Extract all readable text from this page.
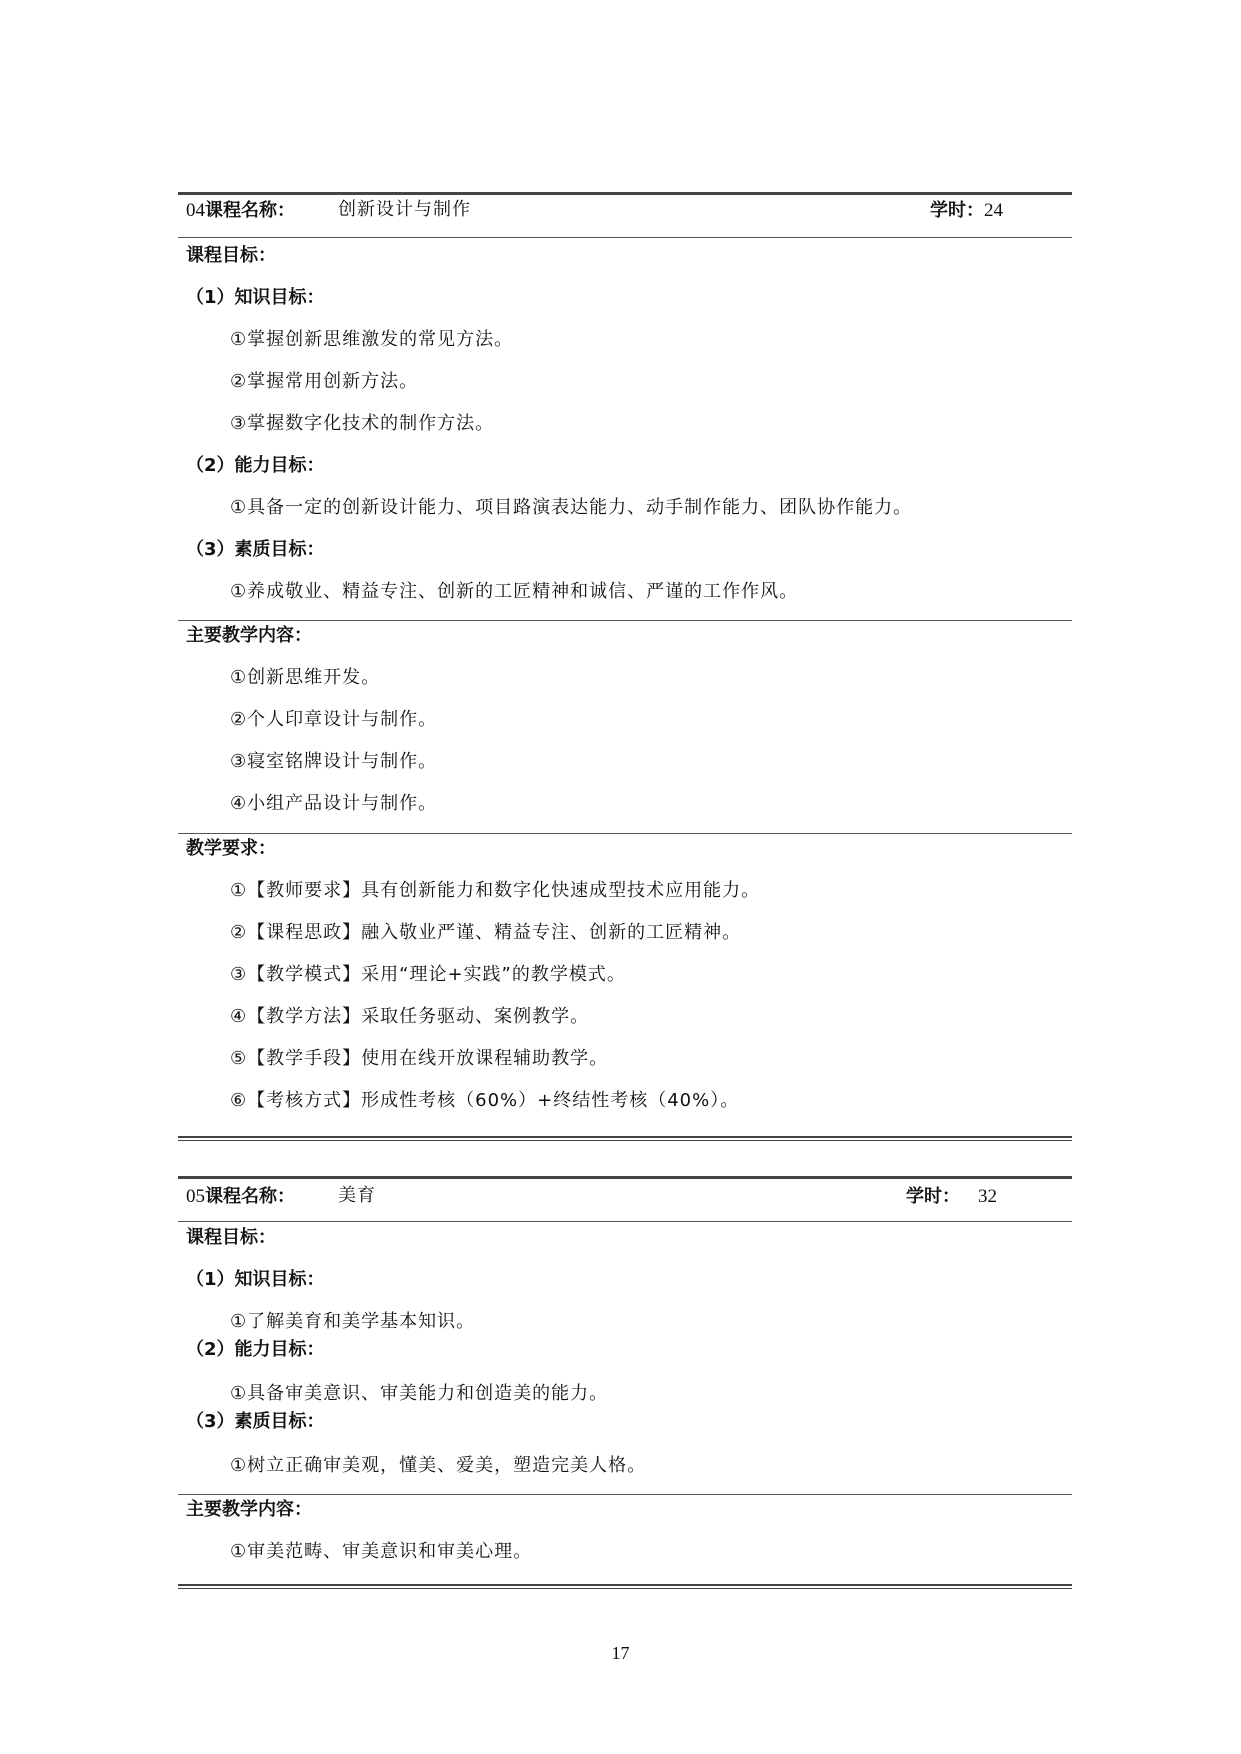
04课程名称： 创新设计与制作	学时：24
课程目标：
（1）知识目标：
①掌握创新思维激发的常见方法。
②掌握常用创新方法。
③掌握数字化技术的制作方法。
（2）能力目标：
①具备一定的创新设计能力、项目路演表达能力、动手制作能力、团队协作能力。
（3）素质目标：
①养成敬业、精益专注、创新的工匠精神和诚信、严谨的工作作风。
主要教学内容：
①创新思维开发。
②个人印章设计与制作。
③寝室铭牌设计与制作。
④小组产品设计与制作。
教学要求：
①【教师要求】具有创新能力和数字化快速成型技术应用能力。
②【课程思政】融入敬业严谨、精益专注、创新的工匠精神。
③【教学模式】采用“理论+实践”的教学模式。
④【教学方法】采取任务驱动、案例教学。
⑤【教学手段】使用在线开放课程辅助教学。
⑥【考核方式】形成性考核（60%）+终结性考核（40%）。
05课程名称： 美育	学时： 32
课程目标：
（1）知识目标：
①了解美育和美学基本知识。
（2）能力目标：
①具备审美意识、审美能力和创造美的能力。
（3）素质目标：
①树立正确审美观，懂美、爱美，塑造完美人格。
主要教学内容：
①审美范畴、审美意识和审美心理。
17
